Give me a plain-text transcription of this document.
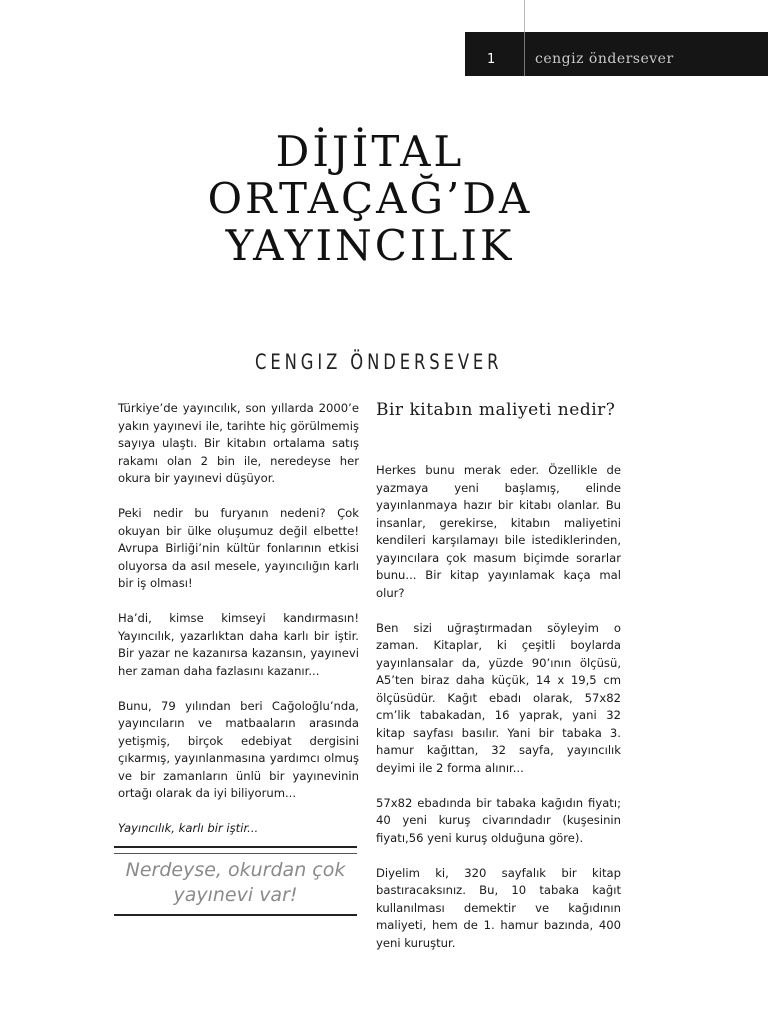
1	cengiz öndersever
DİJİTAL
ORTAÇAĞ’DA
YAYINCILIK
CENGIZ ÖNDERSEVER

Türkiye’de yayıncılık, son yıllarda 2000’e yakın yayınevi ile, tarihte hiç görülmemiş sayıya ulaştı. Bir kitabın ortalama satış rakamı olan 2 bin ile, neredeyse her okura bir yayınevi düşüyor.

Peki nedir bu furyanın nedeni? Çok okuyan bir ülke oluşumuz değil elbette! Avrupa Birliği’nin kültür fonlarının etkisi oluyorsa da asıl mesele, yayıncılığın karlı bir iş olması!

Ha’di, kimse kimseyi kandırmasın! Yayıncılık, yazarlıktan daha karlı bir iştir. Bir yazar ne kazanırsa kazansın, yayınevi her zaman daha fazlasını kazanır...

Bunu, 79 yılından beri Cağoloğlu’nda, yayıncıların ve matbaaların arasında yetişmiş, birçok edebiyat dergisini çıkarmış, yayınlanmasına yardımcı olmuş ve bir zamanların ünlü bir yayınevinin ortağı olarak da iyi biliyorum...

Yayıncılık, karlı bir iştir...

Nerdeyse, okurdan çok yayınevi var!
Bir kitabın maliyeti nedir?

Herkes bunu merak eder. Özellikle de yazmaya yeni başlamış, elinde yayınlanmaya hazır bir kitabı olanlar. Bu insanlar, gerekirse, kitabın maliyetini kendileri karşılamayı bile istediklerinden, yayıncılara çok masum biçimde sorarlar bunu... Bir kitap yayınlamak kaça mal olur?

Ben sizi uğraştırmadan söyleyim o zaman. Kitaplar, ki çeşitli boylarda yayınlansalar da, yüzde 90’ının ölçüsü, A5’ten biraz daha küçük, 14 x 19,5 cm ölçüsüdür. Kağıt ebadı olarak, 57x82 cm’lik tabakadan, 16 yaprak, yani 32 kitap sayfası basılır. Yani bir tabaka 3. hamur kağıttan, 32 sayfa, yayıncılık deyimi ile 2 forma alınır...

57x82 ebadında bir tabaka kağıdın fiyatı; 40 yeni kuruş civarındadır (kuşesinin fiyatı,56 yeni kuruş olduğuna göre).

Diyelim ki, 320 sayfalık bir kitap bastıracaksınız. Bu, 10 tabaka kağıt kullanılması demektir ve kağıdının maliyeti, hem de 1. hamur bazında, 400 yeni kuruştur.
